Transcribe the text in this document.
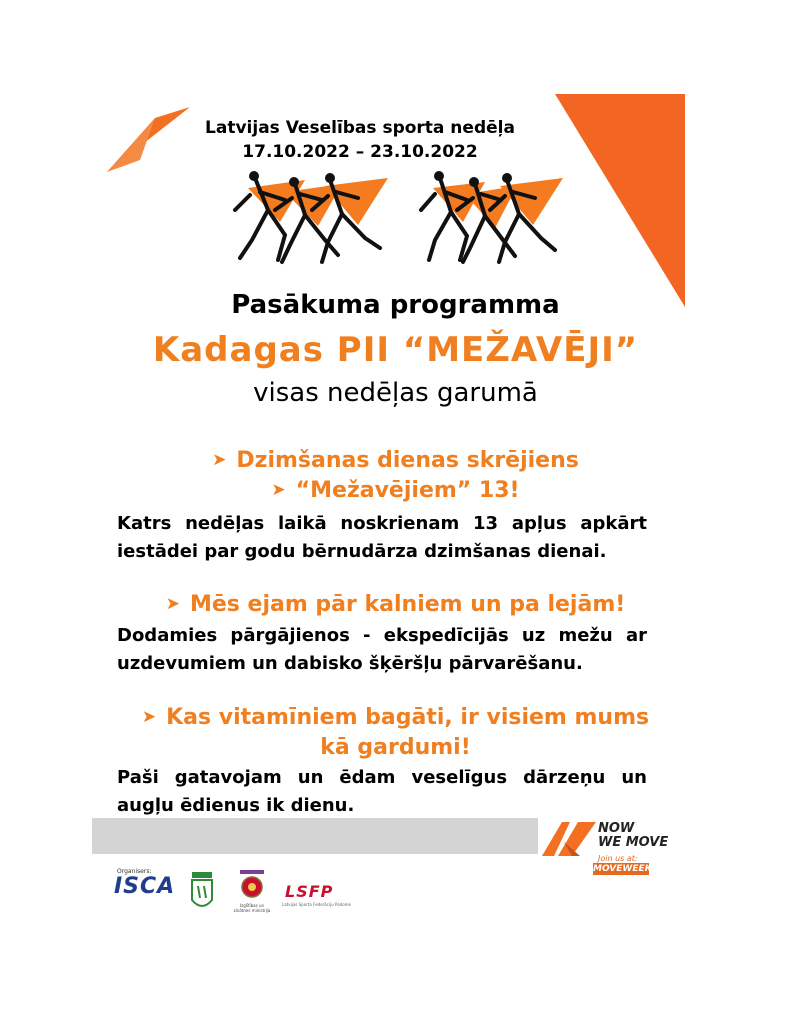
Latvijas Veselības sporta nedēļa
17.10.2022 – 23.10.2022
Pasākuma programma
Kadagas PII “MEŽAVĒJI”
visas nedēļas garumā
➤ Dzimšanas dienas skrējiens
➤ “Mežavējiem” 13!
Katrs nedēļas laikā noskrienam 13 apļus apkārt iestādei par godu bērnudārza dzimšanas dienai.
➤ Mēs ejam pār kalniem un pa lejām!
Dodamies pārgājienos - ekspedīcijās uz mežu ar uzdevumiem un dabisko šķēršļu pārvarēšanu.
➤ Kas vitamīniem bagāti, ir visiem mums
kā gardumi!
Paši gatavojam un ēdam veselīgus dārzeņu un augļu ēdienus ik dienu.
NOW
WE MOVE
Join us at:
MOVEWEEK.EU
Organisers:
ISCA
Izglītības un zinātnes ministrija
LSFP
Latvijas Sporta Federāciju Padome
